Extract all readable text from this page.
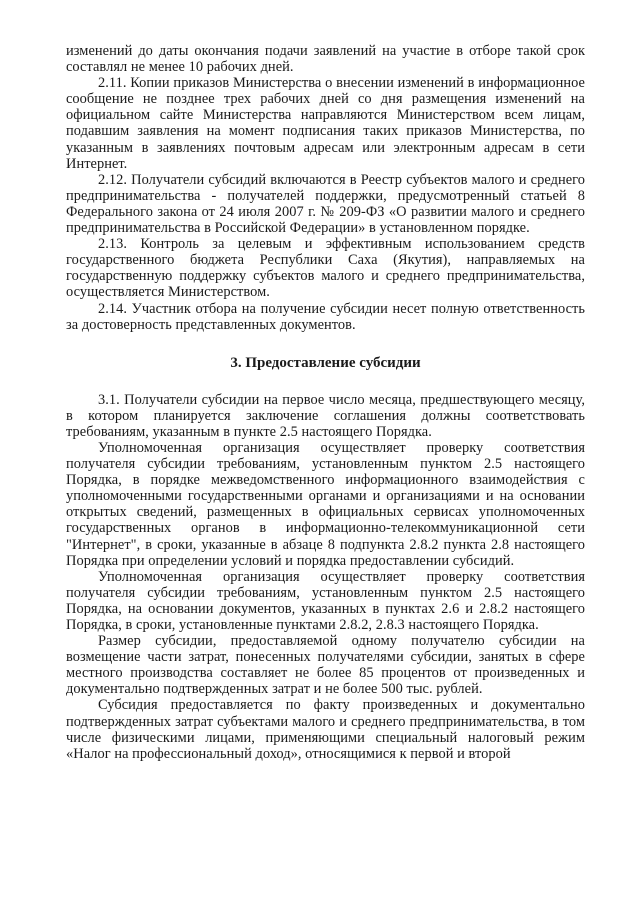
изменений до даты окончания подачи заявлений на участие в отборе такой срок составлял не менее 10 рабочих дней.

2.11. Копии приказов Министерства о внесении изменений в информационное сообщение не позднее трех рабочих дней со дня размещения изменений на официальном сайте Министерства направляются Министерством всем лицам, подавшим заявления на момент подписания таких приказов Министерства, по указанным в заявлениях почтовым адресам или электронным адресам в сети Интернет.

2.12. Получатели субсидий включаются в Реестр субъектов малого и среднего предпринимательства - получателей поддержки, предусмотренный статьей 8 Федерального закона от 24 июля 2007 г. № 209-ФЗ «О развитии малого и среднего предпринимательства в Российской Федерации» в установленном порядке.

2.13. Контроль за целевым и эффективным использованием средств государственного бюджета Республики Саха (Якутия), направляемых на государственную поддержку субъектов малого и среднего предпринимательства, осуществляется Министерством.

2.14. Участник отбора на получение субсидии несет полную ответственность за достоверность представленных документов.

3. Предоставление субсидии

3.1. Получатели субсидии на первое число месяца, предшествующего месяцу, в котором планируется заключение соглашения должны соответствовать требованиям, указанным в пункте 2.5 настоящего Порядка.

Уполномоченная организация осуществляет проверку соответствия получателя субсидии требованиям, установленным пунктом 2.5 настоящего Порядка, в порядке межведомственного информационного взаимодействия с уполномоченными государственными органами и организациями и на основании открытых сведений, размещенных в официальных сервисах уполномоченных государственных органов в информационно-телекоммуникационной сети "Интернет", в сроки, указанные в абзаце 8 подпункта 2.8.2 пункта 2.8 настоящего Порядка при определении условий и порядка предоставлении субсидий.

Уполномоченная организация осуществляет проверку соответствия получателя субсидии требованиям, установленным пунктом 2.5 настоящего Порядка, на основании документов, указанных в пунктах 2.6 и 2.8.2 настоящего Порядка, в сроки, установленные пунктами 2.8.2, 2.8.3 настоящего Порядка.

Размер субсидии, предоставляемой одному получателю субсидии на возмещение части затрат, понесенных получателями субсидии, занятых в сфере местного производства составляет не более 85 процентов от произведенных и документально подтвержденных затрат и не более 500 тыс. рублей.

Субсидия предоставляется по факту произведенных и документально подтвержденных затрат субъектами малого и среднего предпринимательства, в том числе физическими лицами, применяющими специальный налоговый режим «Налог на профессиональный доход», относящимися к первой и второй
